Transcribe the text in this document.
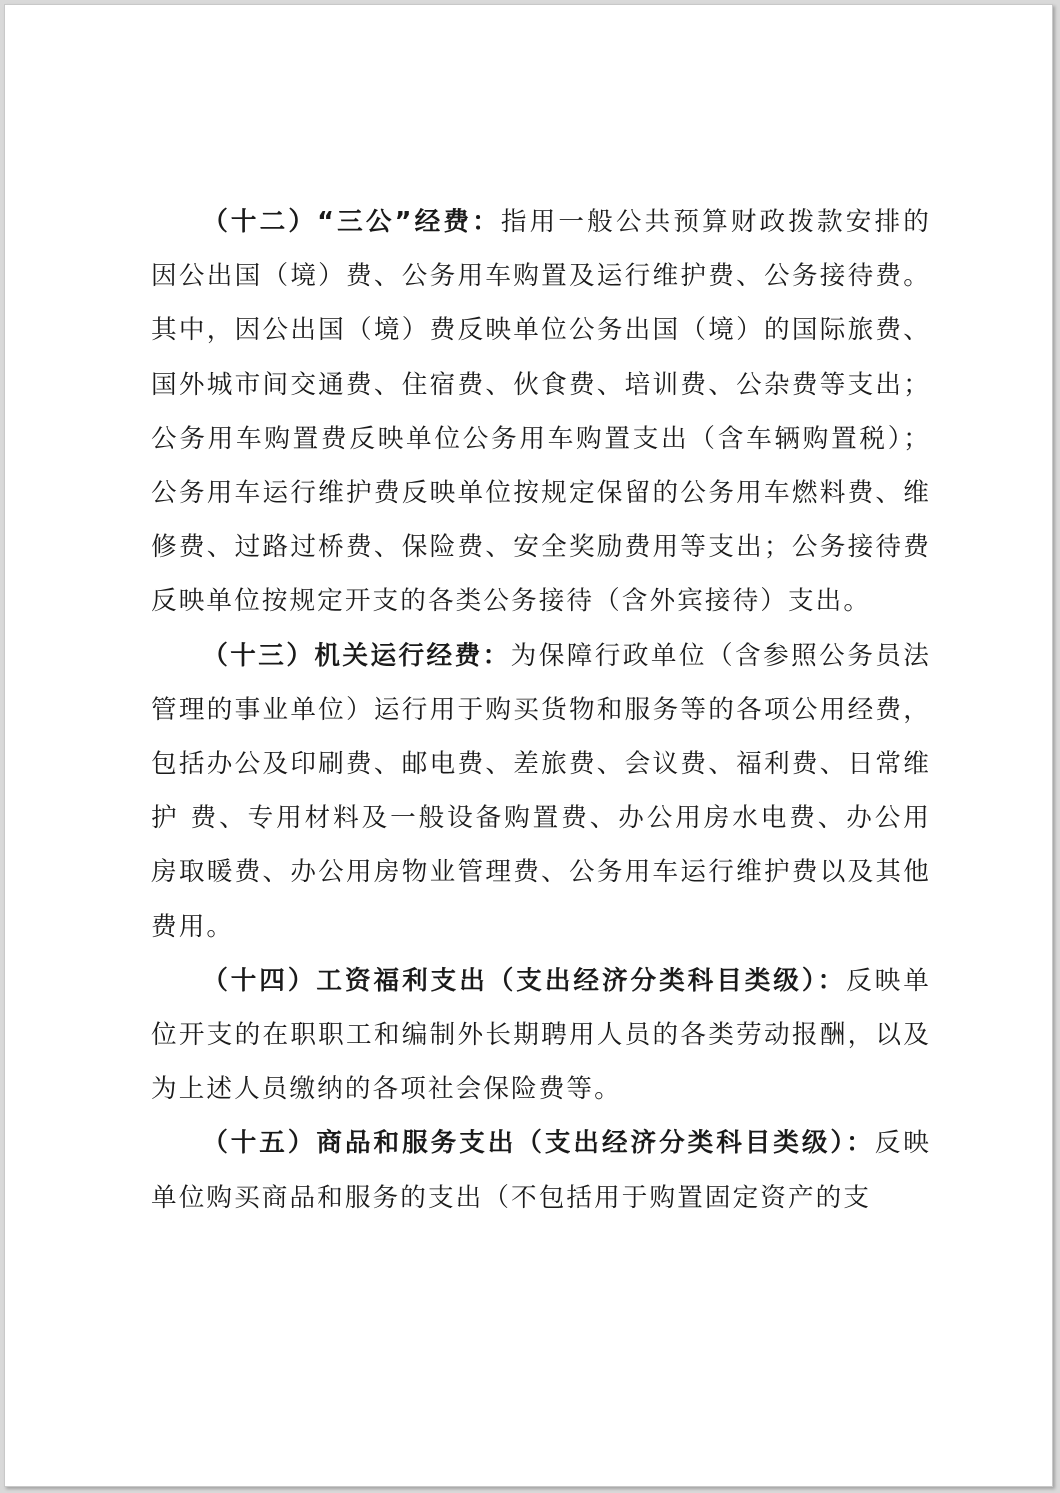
（十二）“三公”经费：指用一般公共预算财政拨款安排的因公出国（境）费、公务用车购置及运行维护费、公务接待费。其中，因公出国（境）费反映单位公务出国（境）的国际旅费、国外城市间交通费、住宿费、伙食费、培训费、公杂费等支出；公务用车购置费反映单位公务用车购置支出（含车辆购置税）；公务用车运行维护费反映单位按规定保留的公务用车燃料费、维修费、过路过桥费、保险费、安全奖励费用等支出；公务接待费反映单位按规定开支的各类公务接待（含外宾接待）支出。

（十三）机关运行经费：为保障行政单位（含参照公务员法管理的事业单位）运行用于购买货物和服务等的各项公用经费，包括办公及印刷费、邮电费、差旅费、会议费、福利费、日常维护 费、专用材料及一般设备购置费、办公用房水电费、办公用房取暖费、办公用房物业管理费、公务用车运行维护费以及其他费用。

（十四）工资福利支出（支出经济分类科目类级）：反映单位开支的在职职工和编制外长期聘用人员的各类劳动报酬，以及为上述人员缴纳的各项社会保险费等。

（十五）商品和服务支出（支出经济分类科目类级）：反映单位购买商品和服务的支出（不包括用于购置固定资产的支
